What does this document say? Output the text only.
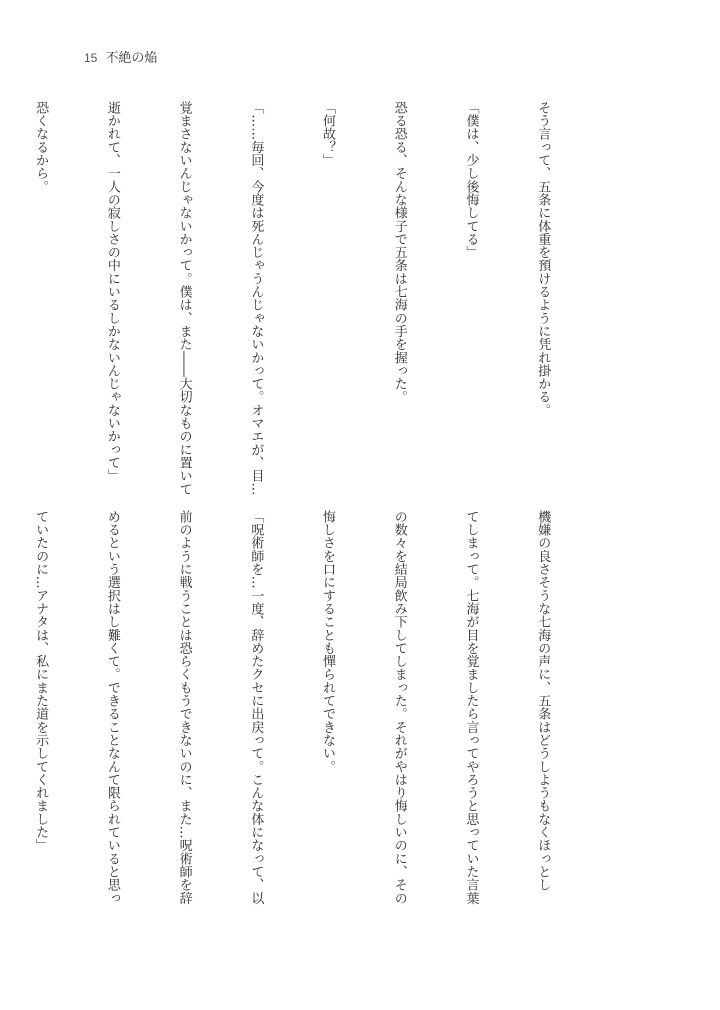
15 不絶の焔

そう言って、五条に体重を預けるように凭れ掛かる。

「僕は、少し後悔してる」

恐る恐る、そんな様子で五条は七海の手を握った。

「何故？」

「……毎回、今度は死んじゃうんじゃないかって。オマエが、目…

覚まさないんじゃないかって。僕は、また――大切なものに置いて

逝かれて、一人の寂しさの中にいるしかないんじゃないかって」

恐くなるから。

機嫌の良さそうな七海の声に、五条はどうしようもなくほっとし

てしまって。七海が目を覚ましたら言ってやろうと思っていた言葉

の数々を結局飲み下してしまった。それがやはり悔しいのに、その

悔しさを口にすることも憚られてできない。

「呪術師を…一度、辞めたクセに出戻って。こんな体になって、以

前のように戦うことは恐らくもうできないのに、また…呪術師を辞

めるという選択はし難くて。できることなんて限られていると思っ

ていたのに…アナタは、私にまた道を示してくれました」
